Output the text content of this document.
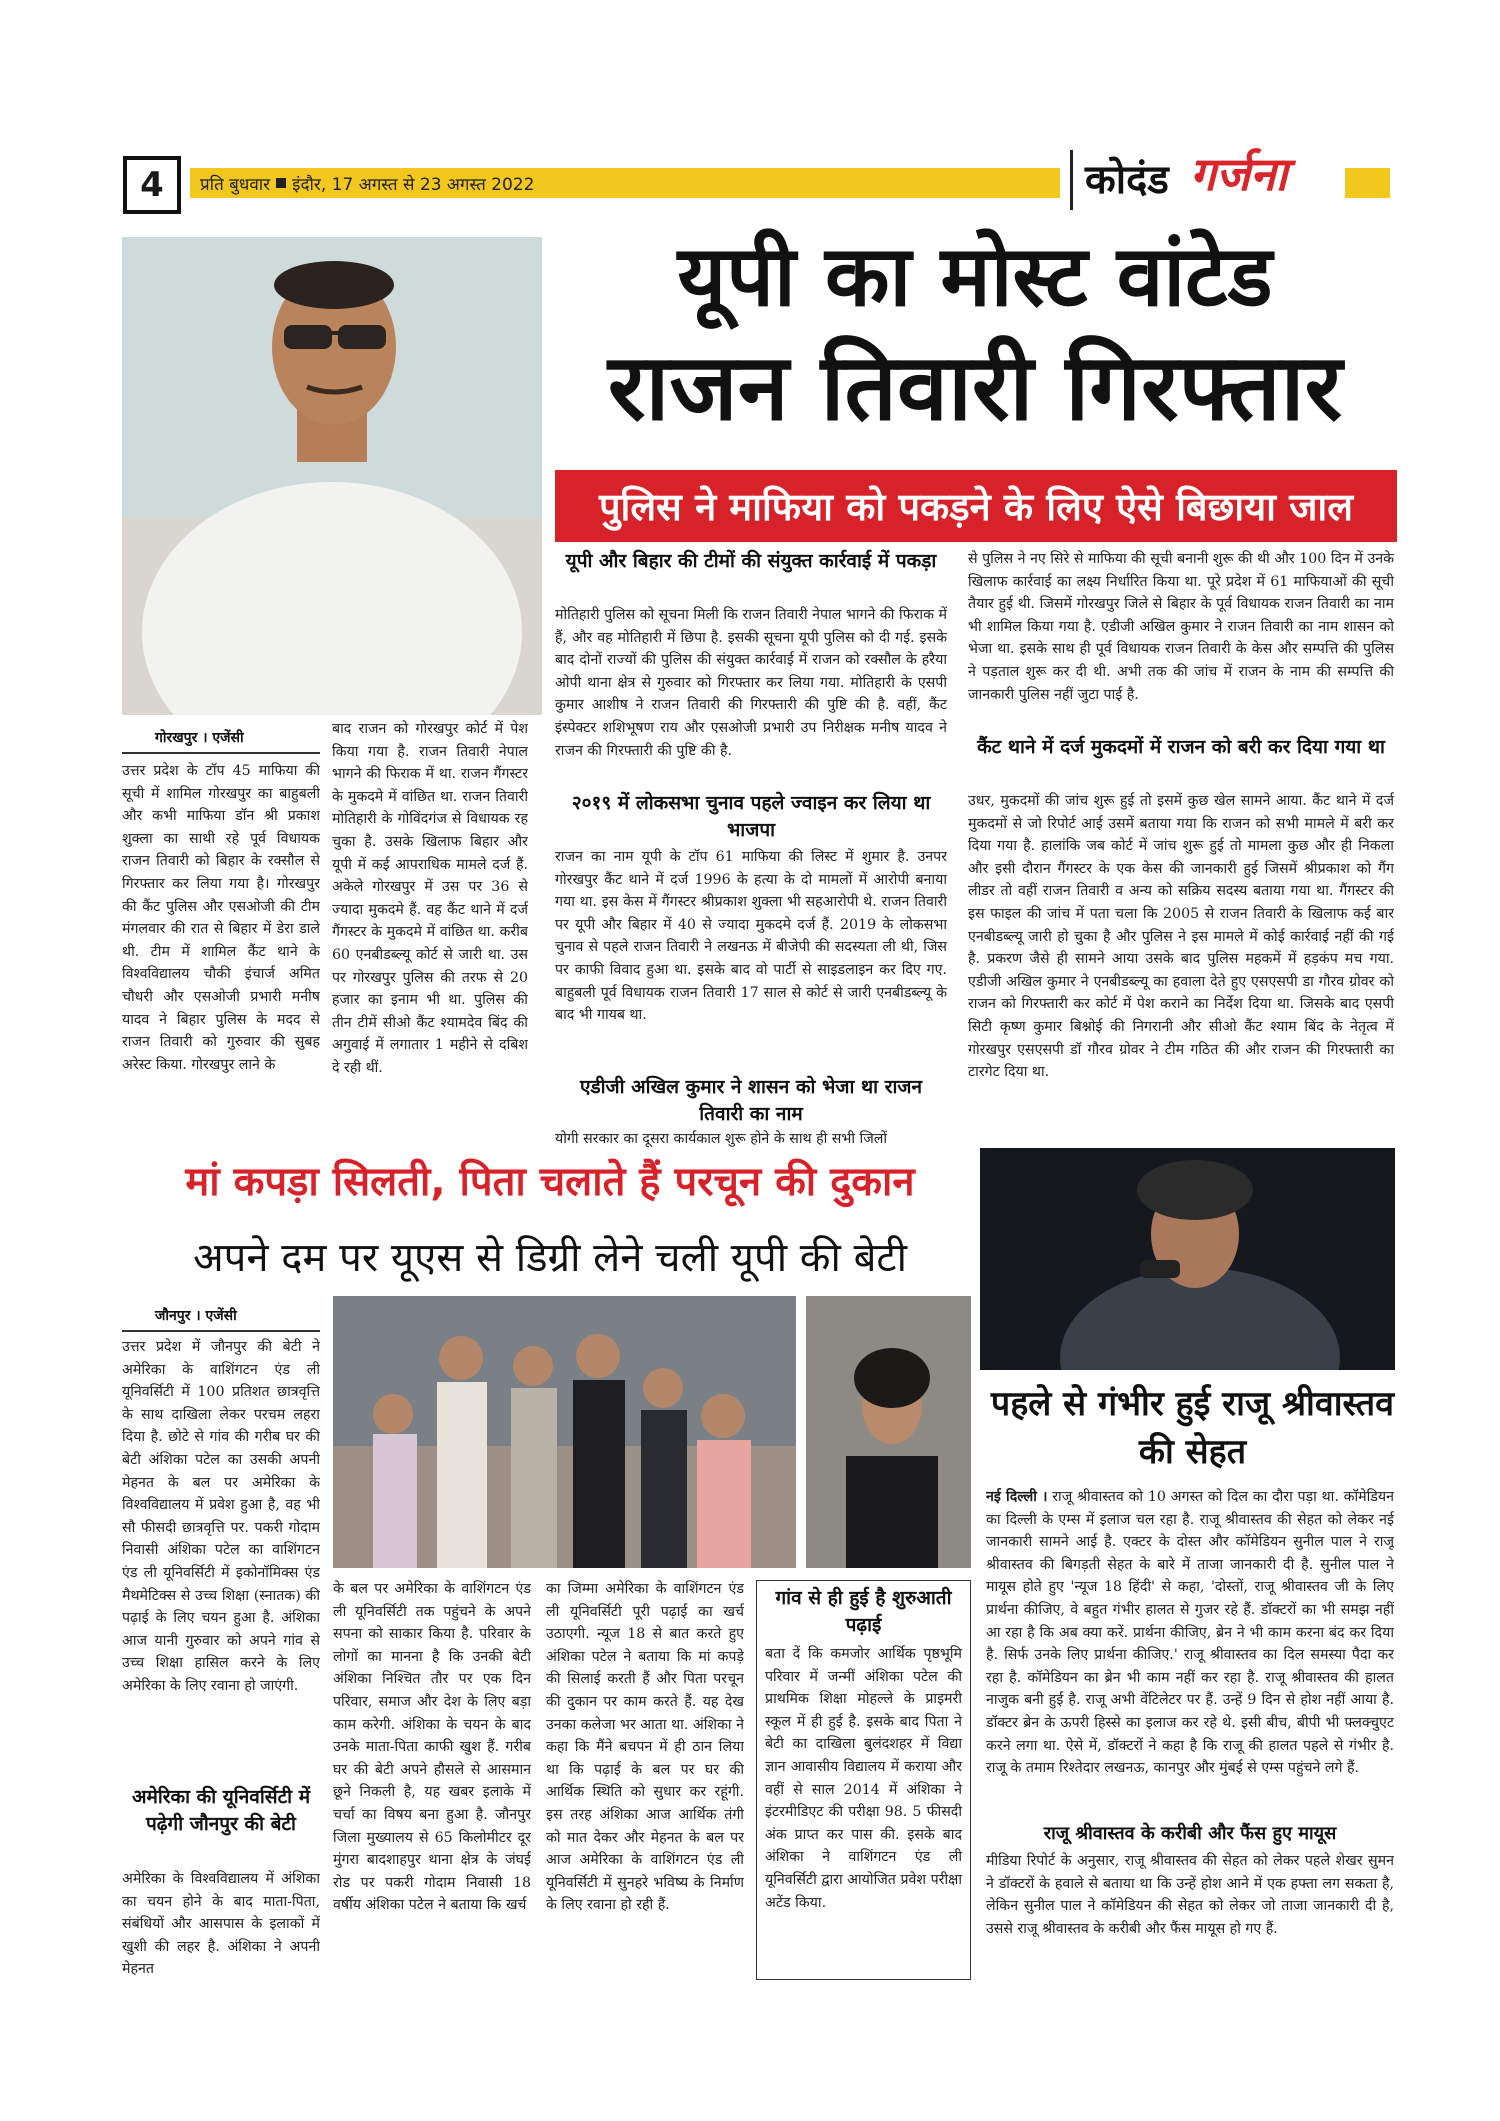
4	प्रति बुधवार इंदौर, 17 अगस्त से 23 अगस्त 2022	कोदंड गर्जना
यूपी का मोस्ट वांटेड
राजन तिवारी गिरफ्तार
पुलिस ने माफिया को पकड़ने के लिए ऐसे बिछाया जाल
गोरखपुर । एजेंसी
उत्तर प्रदेश के टॉप 45 माफिया की सूची में शामिल गोरखपुर का बाहुबली और कभी माफिया डॉन श्री प्रकाश शुक्ला का साथी रहे पूर्व विधायक राजन तिवारी को बिहार के रक्सौल से गिरफ्तार कर लिया गया है। गोरखपुर की कैंट पुलिस और एसओजी की टीम मंगलवार की रात से बिहार में डेरा डाले थी. टीम में शामिल कैंट थाने के विश्वविद्यालय चौकी इंचार्ज अमित चौधरी और एसओजी प्रभारी मनीष यादव ने बिहार पुलिस के मदद से राजन तिवारी को गुरुवार की सुबह अरेस्ट किया. गोरखपुर लाने के
बाद राजन को गोरखपुर कोर्ट में पेश किया गया है. राजन तिवारी नेपाल भागने की फिराक में था. राजन गैंगस्टर के मुकदमे में वांछित था. राजन तिवारी मोतिहारी के गोविंदगंज से विधायक रह चुका है. उसके खिलाफ बिहार और यूपी में कई आपराधिक मामले दर्ज हैं. अकेले गोरखपुर में उस पर 36 से ज्यादा मुकदमे हैं. वह कैंट थाने में दर्ज गैंगस्टर के मुकदमे में वांछित था. करीब 60 एनबीडब्ल्यू कोर्ट से जारी था. उस पर गोरखपुर पुलिस की तरफ से 20 हजार का इनाम भी था. पुलिस की तीन टीमें सीओ कैंट श्यामदेव बिंद की अगुवाई में लगातार 1 महीने से दबिश दे रही थीं.
यूपी और बिहार की टीमों की संयुक्त कार्रवाई में पकड़ा
मोतिहारी पुलिस को सूचना मिली कि राजन तिवारी नेपाल भागने की फिराक में हैं, और वह मोतिहारी में छिपा है. इसकी सूचना यूपी पुलिस को दी गई. इसके बाद दोनों राज्यों की पुलिस की संयुक्त कार्रवाई में राजन को रक्सौल के हरैया ओपी थाना क्षेत्र से गुरुवार को गिरफ्तार कर लिया गया. मोतिहारी के एसपी कुमार आशीष ने राजन तिवारी की गिरफ्तारी की पुष्टि की है. वहीं, कैंट इंस्पेक्टर शशिभूषण राय और एसओजी प्रभारी उप निरीक्षक मनीष यादव ने राजन की गिरफ्तारी की पुष्टि की है.
२०१९ में लोकसभा चुनाव पहले ज्वाइन कर लिया था भाजपा
राजन का नाम यूपी के टॉप 61 माफिया की लिस्ट में शुमार है. उनपर गोरखपुर कैंट थाने में दर्ज 1996 के हत्या के दो मामलों में आरोपी बनाया गया था. इस केस में गैंगस्टर श्रीप्रकाश शुक्ला भी सहआरोपी थे. राजन तिवारी पर यूपी और बिहार में 40 से ज्यादा मुकदमे दर्ज हैं. 2019 के लोकसभा चुनाव से पहले राजन तिवारी ने लखनऊ में बीजेपी की सदस्यता ली थी, जिस पर काफी विवाद हुआ था. इसके बाद वो पार्टी से साइडलाइन कर दिए गए. बाहुबली पूर्व विधायक राजन तिवारी 17 साल से कोर्ट से जारी एनबीडब्ल्यू के बाद भी गायब था.
एडीजी अखिल कुमार ने शासन को भेजा था राजन तिवारी का नाम
योगी सरकार का दूसरा कार्यकाल शुरू होने के साथ ही सभी जिलों
से पुलिस ने नए सिरे से माफिया की सूची बनानी शुरू की थी और 100 दिन में उनके खिलाफ कार्रवाई का लक्ष्य निर्धारित किया था. पूरे प्रदेश में 61 माफियाओं की सूची तैयार हुई थी. जिसमें गोरखपुर जिले से बिहार के पूर्व विधायक राजन तिवारी का नाम भी शामिल किया गया है. एडीजी अखिल कुमार ने राजन तिवारी का नाम शासन को भेजा था. इसके साथ ही पूर्व विधायक राजन तिवारी के केस और सम्पत्ति की पुलिस ने पड़ताल शुरू कर दी थी. अभी तक की जांच में राजन के नाम की सम्पत्ति की जानकारी पुलिस नहीं जुटा पाई है.
कैंट थाने में दर्ज मुकदमों में राजन को बरी कर दिया गया था
उधर, मुकदमों की जांच शुरू हुई तो इसमें कुछ खेल सामने आया. कैंट थाने में दर्ज मुकदमों से जो रिपोर्ट आई उसमें बताया गया कि राजन को सभी मामले में बरी कर दिया गया है. हालांकि जब कोर्ट में जांच शुरू हुई तो मामला कुछ और ही निकला और इसी दौरान गैंगस्टर के एक केस की जानकारी हुई जिसमें श्रीप्रकाश को गैंग लीडर तो वहीं राजन तिवारी व अन्य को सक्रिय सदस्य बताया गया था. गैंगस्टर की इस फाइल की जांच में पता चला कि 2005 से राजन तिवारी के खिलाफ कई बार एनबीडब्ल्यू जारी हो चुका है और पुलिस ने इस मामले में कोई कार्रवाई नहीं की गई है. प्रकरण जैसे ही सामने आया उसके बाद पुलिस महकमें में हड़कंप मच गया. एडीजी अखिल कुमार ने एनबीडब्ल्यू का हवाला देते हुए एसएसपी डा गौरव ग्रोवर को राजन को गिरफ्तारी कर कोर्ट में पेश कराने का निर्देश दिया था. जिसके बाद एसपी सिटी कृष्ण कुमार बिश्नोई की निगरानी और सीओ कैंट श्याम बिंद के नेतृत्व में गोरखपुर एसएसपी डॉ गौरव ग्रोवर ने टीम गठित की और राजन की गिरफ्तारी का टारगेट दिया था.
मां कपड़ा सिलती, पिता चलाते हैं परचून की दुकान
अपने दम पर यूएस से डिग्री लेने चली यूपी की बेटी
जौनपुर । एजेंसी
उत्तर प्रदेश में जौनपुर की बेटी ने अमेरिका के वाशिंगटन एंड ली यूनिवर्सिटी में 100 प्रतिशत छात्रवृत्ति के साथ दाखिला लेकर परचम लहरा दिया है. छोटे से गांव की गरीब घर की बेटी अंशिका पटेल का उसकी अपनी मेहनत के बल पर अमेरिका के विश्वविद्यालय में प्रवेश हुआ है, वह भी सौ फीसदी छात्रवृत्ति पर. पकरी गोदाम निवासी अंशिका पटेल का वाशिंगटन एंड ली यूनिवर्सिटी में इकोनॉमिक्स एंड मैथमेटिक्स से उच्च शिक्षा (स्नातक) की पढ़ाई के लिए चयन हुआ है. अंशिका आज यानी गुरुवार को अपने गांव से उच्च शिक्षा हासिल करने के लिए अमेरिका के लिए रवाना हो जाएंगी.
अमेरिका की यूनिवर्सिटी में पढ़ेगी जौनपुर की बेटी
अमेरिका के विश्वविद्यालय में अंशिका का चयन होने के बाद माता-पिता, संबंधियों और आसपास के इलाकों में खुशी की लहर है. अंशिका ने अपनी मेहनत
के बल पर अमेरिका के वाशिंगटन एंड ली यूनिवर्सिटी तक पहुंचने के अपने सपना को साकार किया है. परिवार के लोगों का मानना है कि उनकी बेटी अंशिका निश्चित तौर पर एक दिन परिवार, समाज और देश के लिए बड़ा काम करेगी. अंशिका के चयन के बाद उनके माता-पिता काफी खुश हैं. गरीब घर की बेटी अपने हौसले से आसमान छूने निकली है, यह खबर इलाके में चर्चा का विषय बना हुआ है. जौनपुर जिला मुख्यालय से 65 किलोमीटर दूर मुंगरा बादशाहपुर थाना क्षेत्र के जंघई रोड पर पकरी गोदाम निवासी 18 वर्षीय अंशिका पटेल ने बताया कि खर्च
का जिम्मा अमेरिका के वाशिंगटन एंड ली यूनिवर्सिटी पूरी पढ़ाई का खर्च उठाएगी. न्यूज 18 से बात करते हुए अंशिका पटेल ने बताया कि मां कपड़े की सिलाई करती हैं और पिता परचून की दुकान पर काम करते हैं. यह देख उनका कलेजा भर आता था. अंशिका ने कहा कि मैंने बचपन में ही ठान लिया था कि पढ़ाई के बल पर घर की आर्थिक स्थिति को सुधार कर रहूंगी. इस तरह अंशिका आज आर्थिक तंगी को मात देकर और मेहनत के बल पर आज अमेरिका के वाशिंगटन एंड ली यूनिवर्सिटी में सुनहरे भविष्य के निर्माण के लिए रवाना हो रही हैं.
गांव से ही हुई है शुरुआती पढ़ाई
बता दें कि कमजोर आर्थिक पृष्ठभूमि परिवार में जन्मीं अंशिका पटेल की प्राथमिक शिक्षा मोहल्ले के प्राइमरी स्कूल में ही हुई है. इसके बाद पिता ने बेटी का दाखिला बुलंदशहर में विद्या ज्ञान आवासीय विद्यालय में कराया और वहीं से साल 2014 में अंशिका ने इंटरमीडिएट की परीक्षा 98. 5 फीसदी अंक प्राप्त कर पास की. इसके बाद अंशिका ने वाशिंगटन एंड ली यूनिवर्सिटी द्वारा आयोजित प्रवेश परीक्षा अटेंड किया.
पहले से गंभीर हुई राजू श्रीवास्तव की सेहत
नई दिल्ली । राजू श्रीवास्तव को 10 अगस्त को दिल का दौरा पड़ा था. कॉमेडियन का दिल्ली के एम्स में इलाज चल रहा है. राजू श्रीवास्तव की सेहत को लेकर नई जानकारी सामने आई है. एक्टर के दोस्त और कॉमेडियन सुनील पाल ने राजू श्रीवास्तव की बिगड़ती सेहत के बारे में ताजा जानकारी दी है. सुनील पाल ने मायूस होते हुए 'न्यूज 18 हिंदी' से कहा, 'दोस्तों, राजू श्रीवास्तव जी के लिए प्रार्थना कीजिए, वे बहुत गंभीर हालत से गुजर रहे हैं. डॉक्टरों का भी समझ नहीं आ रहा है कि अब क्या करें. प्रार्थना कीजिए, ब्रेन ने भी काम करना बंद कर दिया है. सिर्फ उनके लिए प्रार्थना कीजिए.' राजू श्रीवास्तव का दिल समस्या पैदा कर रहा है. कॉमेडियन का ब्रेन भी काम नहीं कर रहा है. राजू श्रीवास्तव की हालत नाजुक बनी हुई है. राजू अभी वेंटिलेटर पर हैं. उन्हें 9 दिन से होश नहीं आया है. डॉक्टर ब्रेन के ऊपरी हिस्से का इलाज कर रहे थे. इसी बीच, बीपी भी फ्लक्चुएट करने लगा था. ऐसे में, डॉक्टरों ने कहा है कि राजू की हालत पहले से गंभीर है. राजू के तमाम रिश्तेदार लखनऊ, कानपुर और मुंबई से एम्स पहुंचने लगे हैं.
राजू श्रीवास्तव के करीबी और फैंस हुए मायूस
मीडिया रिपोर्ट के अनुसार, राजू श्रीवास्तव की सेहत को लेकर पहले शेखर सुमन ने डॉक्टरों के हवाले से बताया था कि उन्हें होश आने में एक हफ्ता लग सकता है, लेकिन सुनील पाल ने कॉमेडियन की सेहत को लेकर जो ताजा जानकारी दी है, उससे राजू श्रीवास्तव के करीबी और फैंस मायूस हो गए हैं.
